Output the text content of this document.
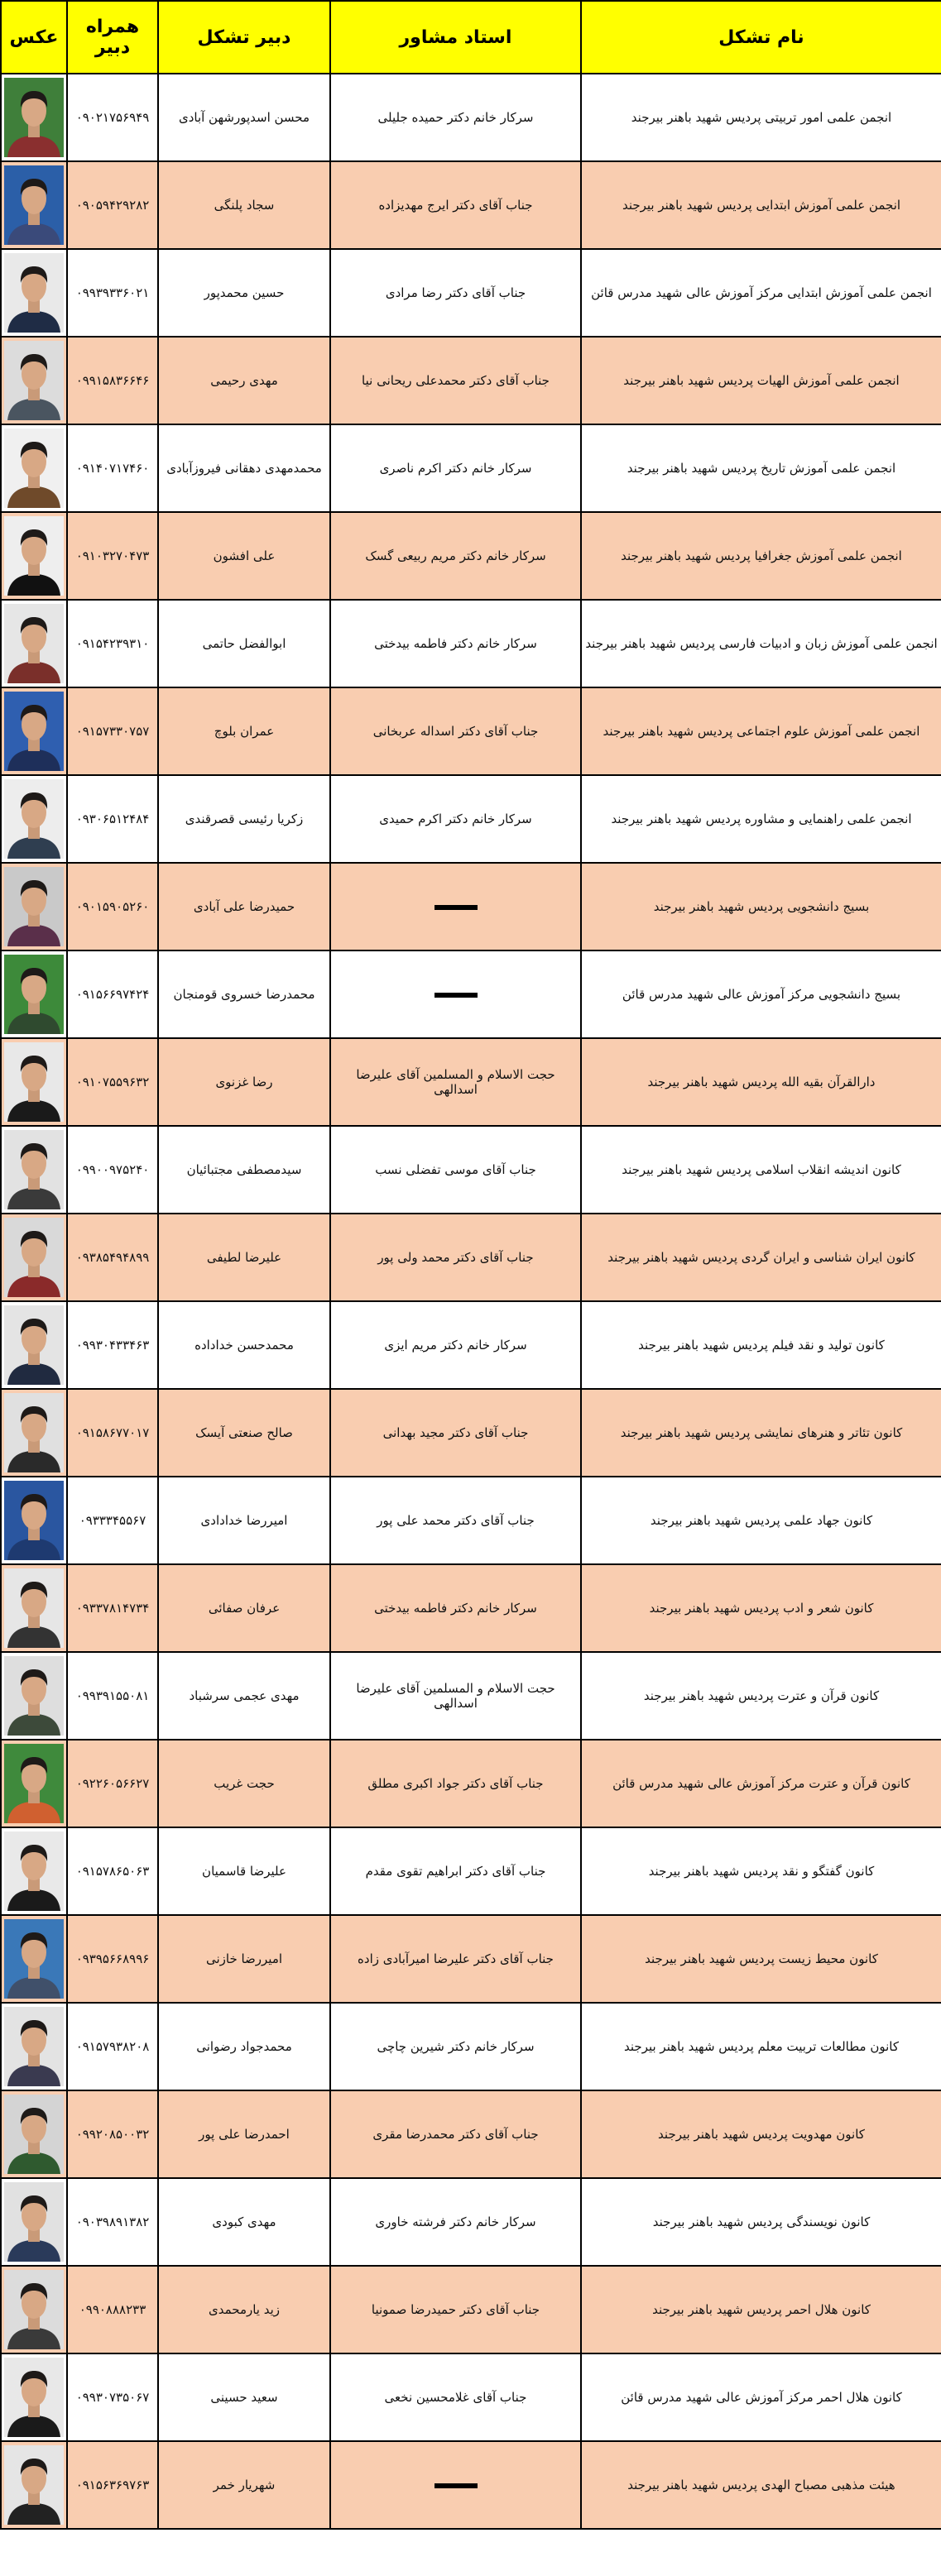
عکس	همراه دبیر	دبیر تشکل	استاد مشاور	نام تشکل

	۰۹۰۲۱۷۵۶۹۴۹	محسن اسدپورشهن آبادی	سرکار خانم دکتر حمیده جلیلی	انجمن علمی امور تربیتی پردیس شهید باهنر بیرجند

	۰۹۰۵۹۴۲۹۲۸۲	سجاد پلنگی	جناب آقای دکتر ایرج مهدیزاده	انجمن علمی آموزش ابتدایی پردیس شهید باهنر بیرجند

	۰۹۹۳۹۳۳۶۰۲۱	حسین محمدپور	جناب آقای دکتر رضا مرادی	انجمن علمی آموزش ابتدایی مرکز آموزش عالی شهید مدرس قائن

	۰۹۹۱۵۸۳۶۶۴۶	مهدی رحیمی	جناب آقای دکتر محمدعلی ریحانی نیا	انجمن علمی آموزش الهیات پردیس شهید باهنر بیرجند

	۰۹۱۴۰۷۱۷۴۶۰	محمدمهدی دهقانی فیروزآبادی	سرکار خانم دکتر اکرم ناصری	انجمن علمی آموزش تاریخ پردیس شهید باهنر بیرجند

	۰۹۱۰۳۲۷۰۴۷۳	علی افشون	سرکار خانم دکتر مریم ربیعی گسک	انجمن علمی آموزش جغرافیا پردیس شهید باهنر بیرجند

	۰۹۱۵۴۲۳۹۳۱۰	ابوالفضل حاتمی	سرکار خانم دکتر فاطمه بیدختی	انجمن علمی آموزش زبان و ادبیات فارسی پردیس شهید باهنر بیرجند

	۰۹۱۵۷۳۳۰۷۵۷	عمران بلوچ	جناب آقای دکتر اسداله عربخانی	انجمن علمی آموزش علوم اجتماعی پردیس شهید باهنر بیرجند

	۰۹۳۰۶۵۱۲۴۸۴	زکریا رئیسی قصرقندی	سرکار خانم دکتر اکرم حمیدی	انجمن علمی راهنمایی و مشاوره پردیس شهید باهنر بیرجند

	۰۹۰۱۵۹۰۵۲۶۰	حمیدرضا علی آبادی		بسیج دانشجویی پردیس شهید باهنر بیرجند

	۰۹۱۵۶۶۹۷۴۲۴	محمدرضا خسروی قومنجان		بسیج دانشجویی مرکز آموزش عالی شهید مدرس قائن

	۰۹۱۰۷۵۵۹۶۳۲	رضا غزنوی	حجت الاسلام و المسلمین آقای علیرضا اسدالهی	دارالقرآن بقیه الله پردیس شهید باهنر بیرجند

	۰۹۹۰۰۹۷۵۲۴۰	سیدمصطفی مجتبائیان	جناب آقای موسی تفضلی نسب	کانون اندیشه انقلاب اسلامی پردیس شهید باهنر بیرجند

	۰۹۳۸۵۴۹۴۸۹۹	علیرضا لطیفی	جناب آقای دکتر محمد ولی پور	کانون ایران شناسی و ایران گردی پردیس شهید باهنر بیرجند

	۰۹۹۳۰۴۳۳۴۶۳	محمدحسن خداداده	سرکار خانم دکتر مریم ایزی	کانون تولید و نقد فیلم پردیس شهید باهنر بیرجند

	۰۹۱۵۸۶۷۷۰۱۷	صالح صنعتی آیسک	جناب آقای دکتر مجید بهدانی	کانون تئاتر و هنرهای نمایشی پردیس شهید باهنر بیرجند

	۰۹۳۳۳۴۵۵۶۷	امیررضا خدادادی	جناب آقای دکتر محمد علی پور	کانون جهاد علمی پردیس شهید باهنر بیرجند

	۰۹۳۳۷۸۱۴۷۳۴	عرفان صفائی	سرکار خانم دکتر فاطمه بیدختی	کانون شعر و ادب پردیس شهید باهنر بیرجند

	۰۹۹۳۹۱۵۵۰۸۱	مهدی عجمی سرشباد	حجت الاسلام و المسلمین آقای علیرضا اسدالهی	کانون قرآن و عترت پردیس شهید باهنر بیرجند

	۰۹۲۲۶۰۵۶۶۲۷	حجت غریب	جناب آقای دکتر جواد اکبری مطلق	کانون قرآن و عترت مرکز آموزش عالی شهید مدرس قائن

	۰۹۱۵۷۸۶۵۰۶۳	علیرضا قاسمیان	جناب آقای دکتر ابراهیم تقوی مقدم	کانون گفتگو و نقد پردیس شهید باهنر بیرجند

	۰۹۳۹۵۶۶۸۹۹۶	امیررضا خازنی	جناب آقای دکتر علیرضا امیرآبادی زاده	کانون محیط زیست پردیس شهید باهنر بیرجند

	۰۹۱۵۷۹۳۸۲۰۸	محمدجواد رضوانی	سرکار خانم دکتر شیرین چاچی	کانون مطالعات تربیت معلم پردیس شهید باهنر بیرجند

	۰۹۹۲۰۸۵۰۰۳۲	احمدرضا علی پور	جناب آقای دکتر محمدرضا مقری	کانون مهدویت پردیس شهید باهنر بیرجند

	۰۹۰۳۹۸۹۱۳۸۲	مهدی کبودی	سرکار خانم دکتر فرشته خاوری	کانون نویسندگی پردیس شهید باهنر بیرجند

	۰۹۹۰۸۸۸۲۳۳	زید یارمحمدی	جناب آقای دکتر حمیدرضا صمونیا	کانون هلال احمر پردیس شهید باهنر بیرجند

	۰۹۹۳۰۷۳۵۰۶۷	سعید حسینی	جناب آقای غلامحسین نخعی	کانون هلال احمر مرکز آموزش عالی شهید مدرس قائن

	۰۹۱۵۶۳۶۹۷۶۳	شهریار خمر		هیئت مذهبی مصباح الهدی پردیس شهید باهنر بیرجند
